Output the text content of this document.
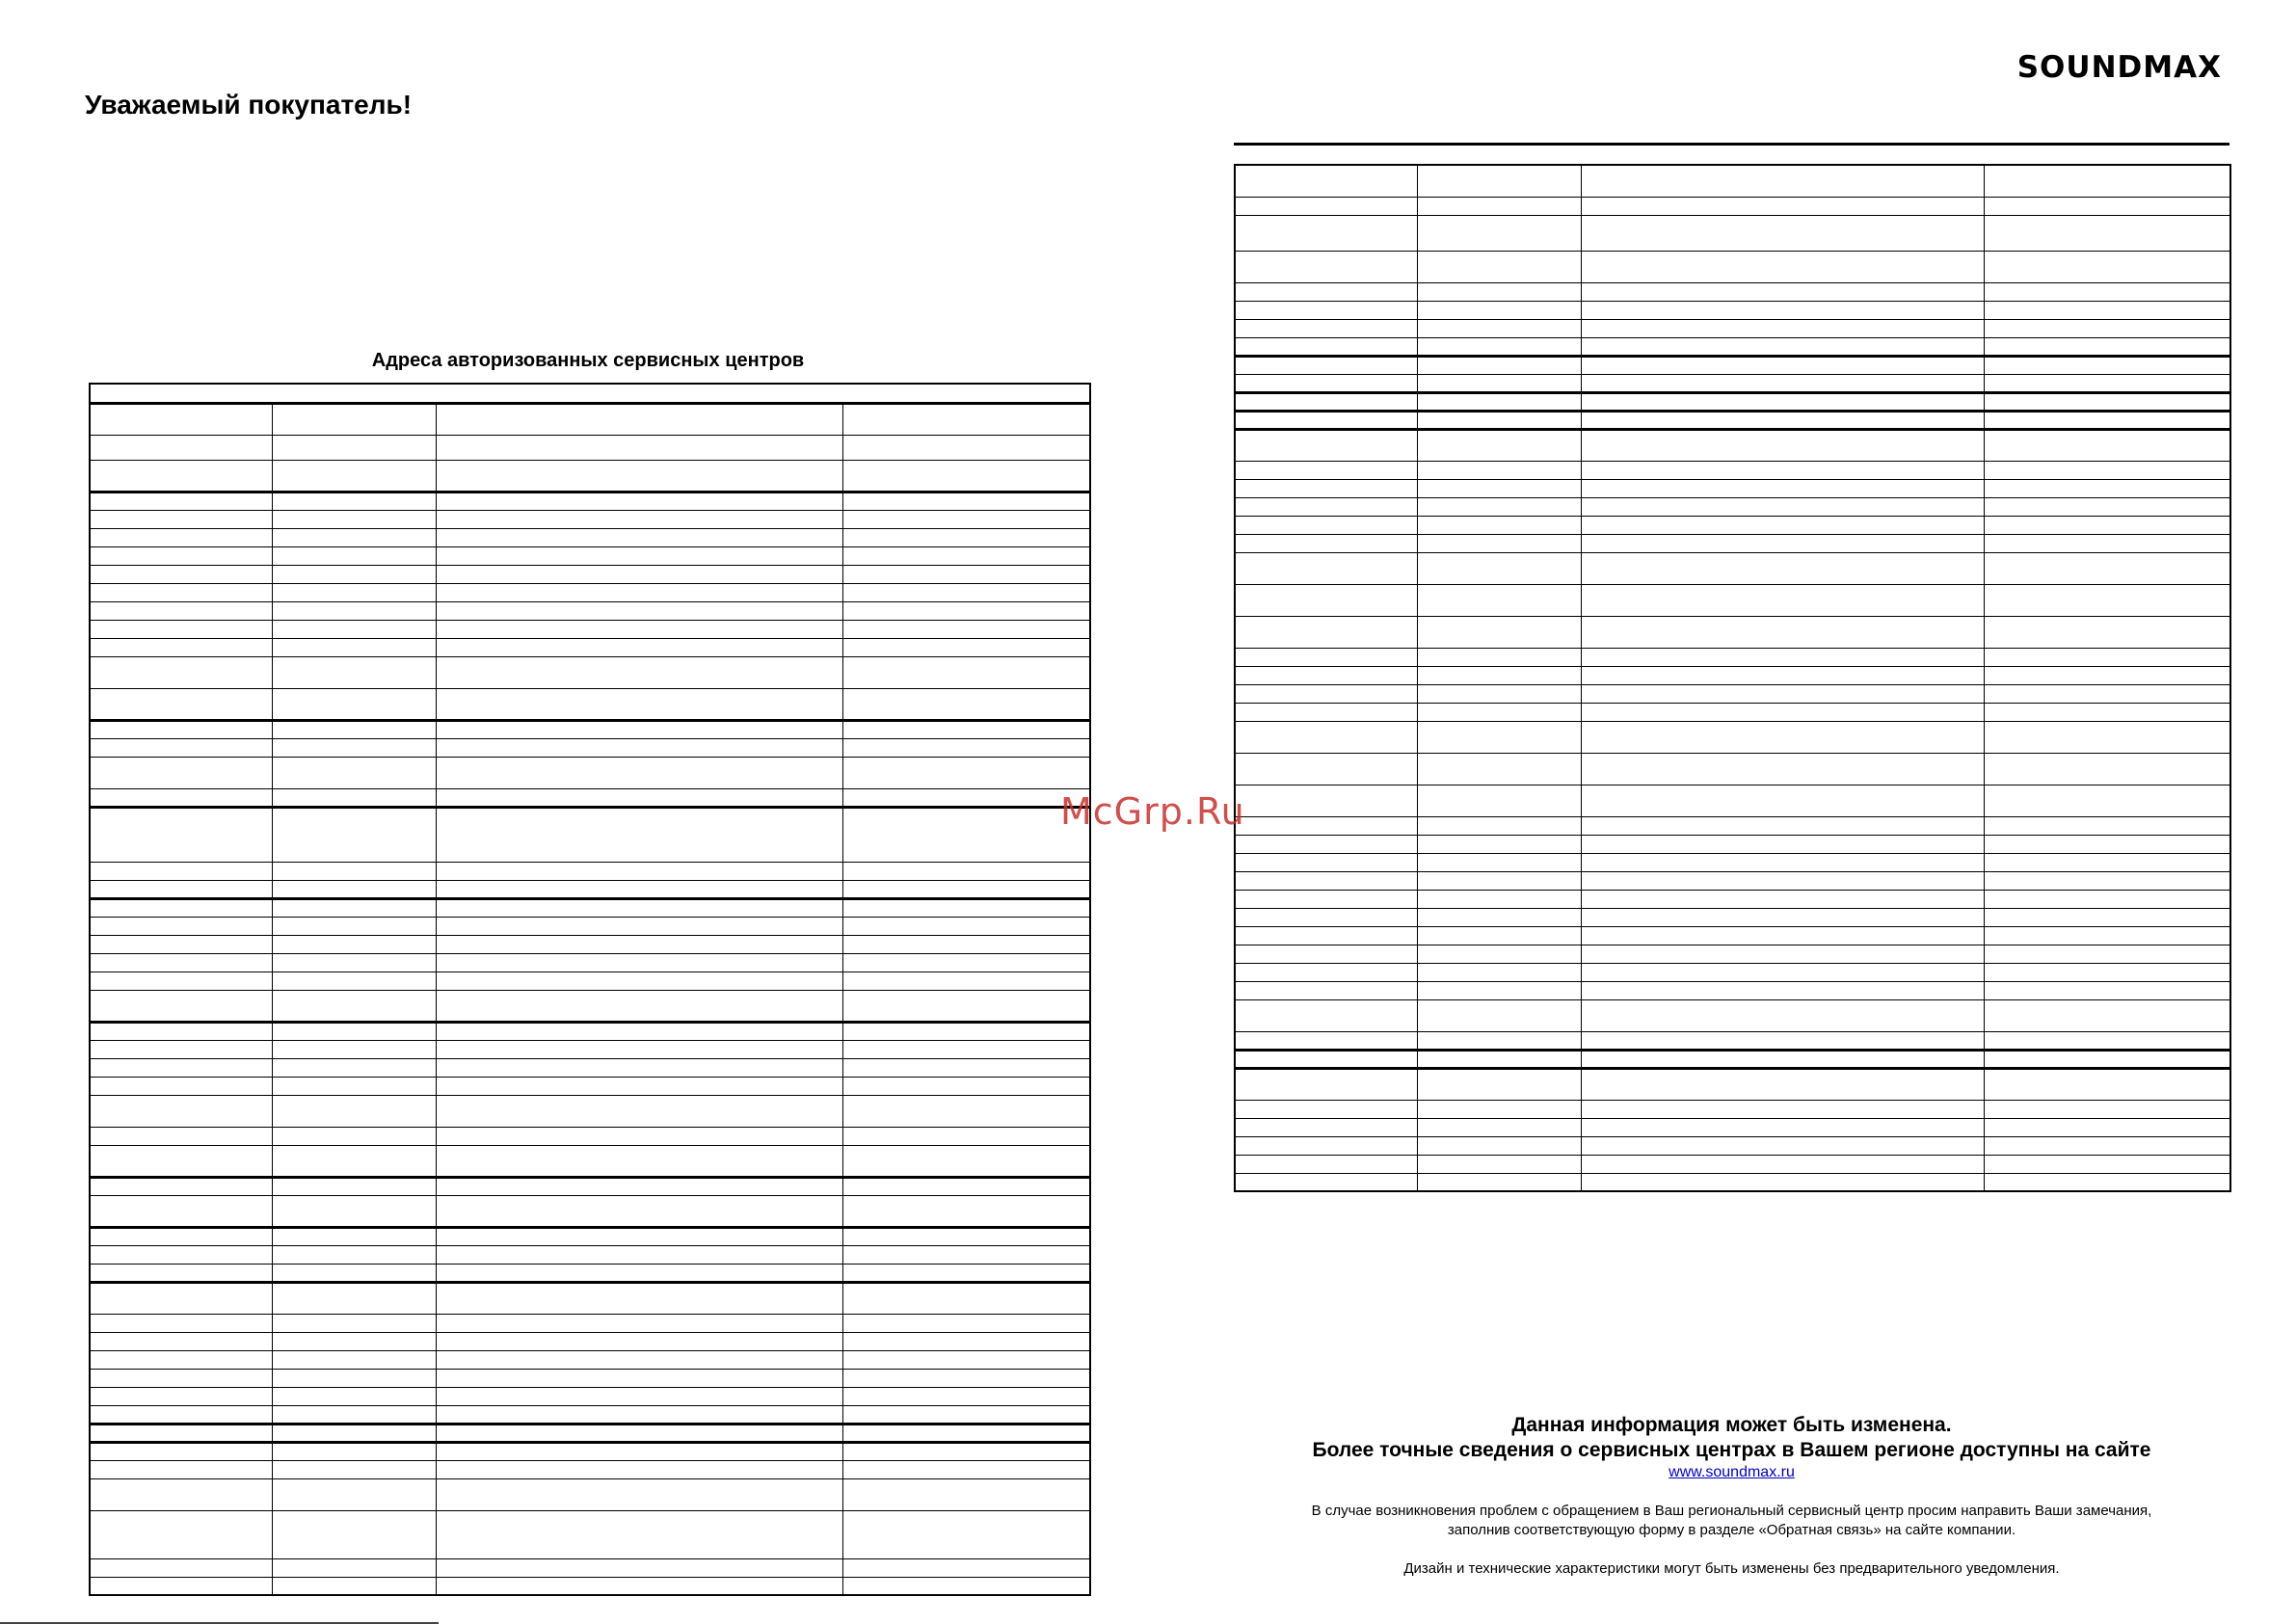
SOUNDMAX
Уважаемый покупатель!
Адреса авторизованных сервисных центров

McGrp.Ru
Данная информация может быть изменена.
Более точные сведения о сервисных центрах в Вашем регионе доступны на сайте
www.soundmax.ru
В случае возникновения проблем с обращением в Ваш региональный сервисный центр просим направить Ваши замечания,
заполнив соответствующую форму в разделе «Обратная связь» на сайте компании.
Дизайн и технические характеристики могут быть изменены без предварительного уведомления.
